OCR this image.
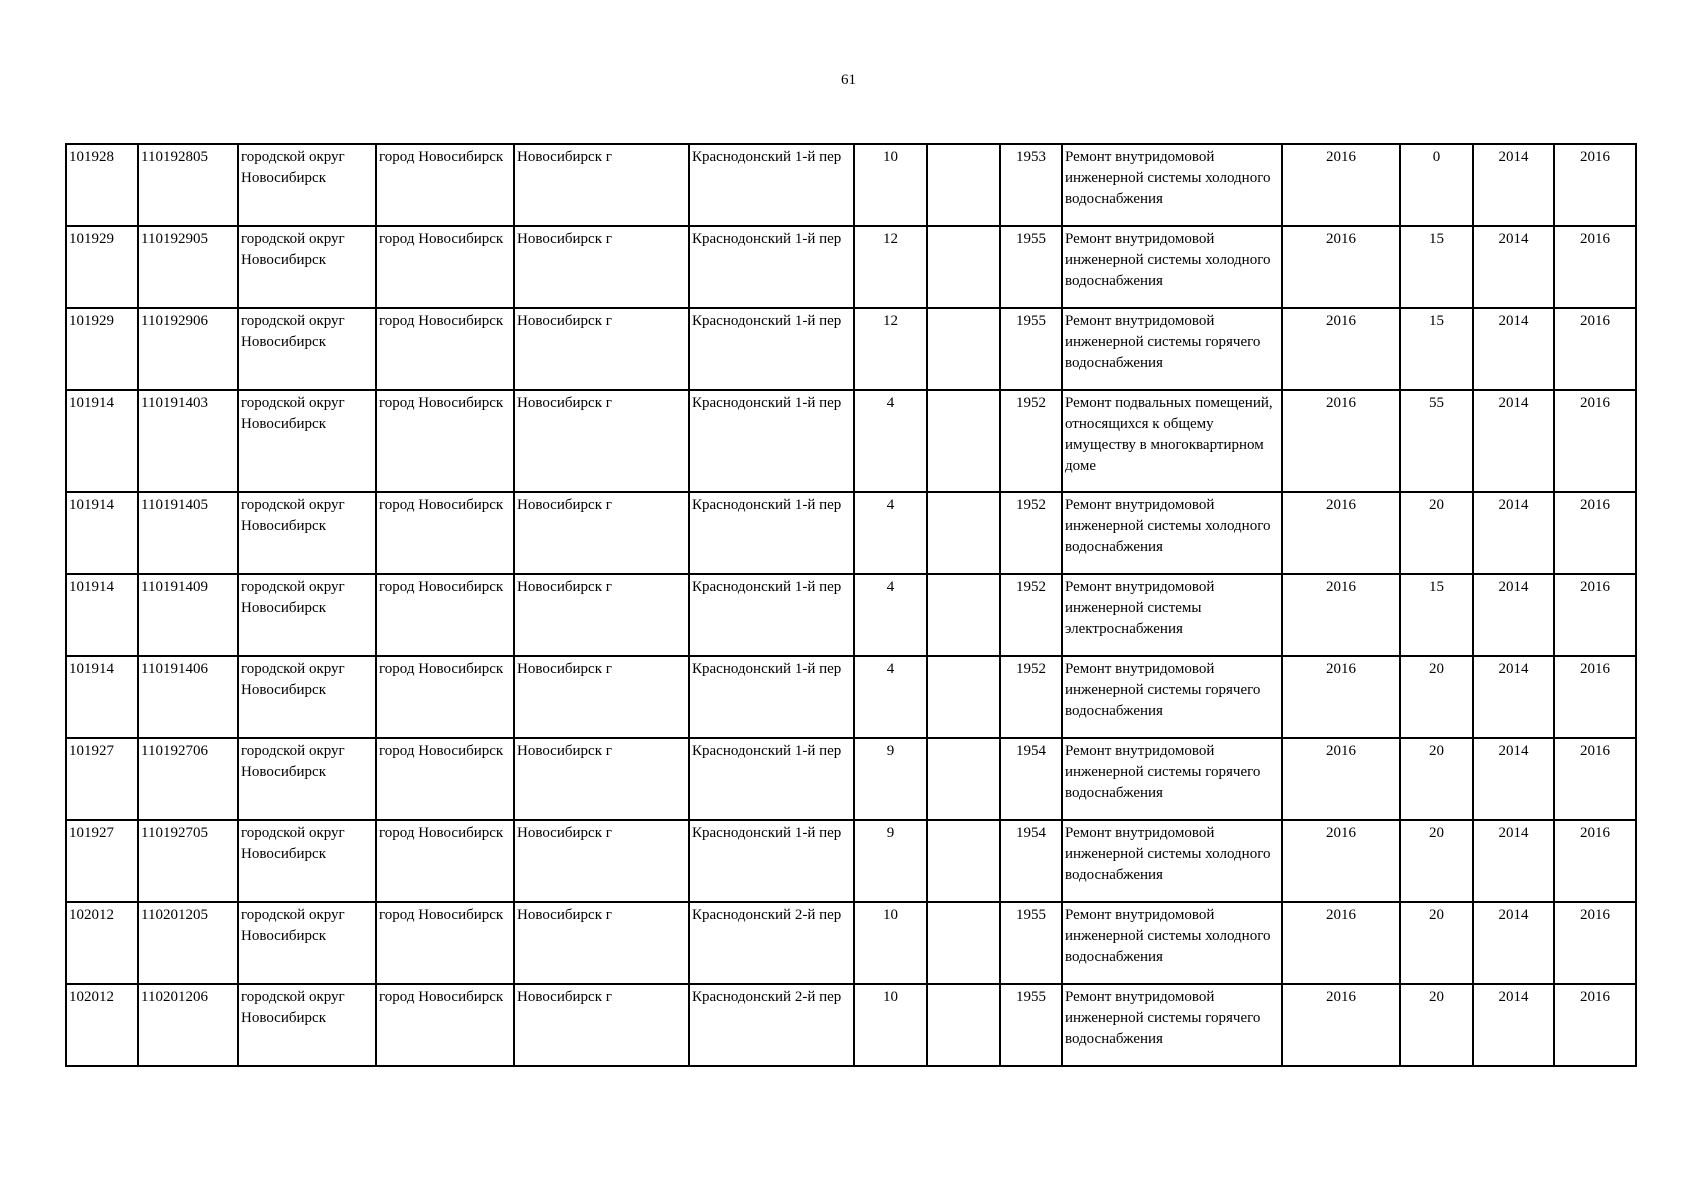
61
101928	110192805	городской округ Новосибирск	город Новосибирск	Новосибирск г	Краснодонский 1-й пер	10		1953	Ремонт внутридомовой инженерной системы холодного водоснабжения	2016	0	2014	2016
101929	110192905	городской округ Новосибирск	город Новосибирск	Новосибирск г	Краснодонский 1-й пер	12		1955	Ремонт внутридомовой инженерной системы холодного водоснабжения	2016	15	2014	2016
101929	110192906	городской округ Новосибирск	город Новосибирск	Новосибирск г	Краснодонский 1-й пер	12		1955	Ремонт внутридомовой инженерной системы горячего водоснабжения	2016	15	2014	2016
101914	110191403	городской округ Новосибирск	город Новосибирск	Новосибирск г	Краснодонский 1-й пер	4		1952	Ремонт подвальных помещений, относящихся к общему имуществу в многоквартирном доме	2016	55	2014	2016
101914	110191405	городской округ Новосибирск	город Новосибирск	Новосибирск г	Краснодонский 1-й пер	4		1952	Ремонт внутридомовой инженерной системы холодного водоснабжения	2016	20	2014	2016
101914	110191409	городской округ Новосибирск	город Новосибирск	Новосибирск г	Краснодонский 1-й пер	4		1952	Ремонт внутридомовой инженерной системы электроснабжения	2016	15	2014	2016
101914	110191406	городской округ Новосибирск	город Новосибирск	Новосибирск г	Краснодонский 1-й пер	4		1952	Ремонт внутридомовой инженерной системы горячего водоснабжения	2016	20	2014	2016
101927	110192706	городской округ Новосибирск	город Новосибирск	Новосибирск г	Краснодонский 1-й пер	9		1954	Ремонт внутридомовой инженерной системы горячего водоснабжения	2016	20	2014	2016
101927	110192705	городской округ Новосибирск	город Новосибирск	Новосибирск г	Краснодонский 1-й пер	9		1954	Ремонт внутридомовой инженерной системы холодного водоснабжения	2016	20	2014	2016
102012	110201205	городской округ Новосибирск	город Новосибирск	Новосибирск г	Краснодонский 2-й пер	10		1955	Ремонт внутридомовой инженерной системы холодного водоснабжения	2016	20	2014	2016
102012	110201206	городской округ Новосибирск	город Новосибирск	Новосибирск г	Краснодонский 2-й пер	10		1955	Ремонт внутридомовой инженерной системы горячего водоснабжения	2016	20	2014	2016
